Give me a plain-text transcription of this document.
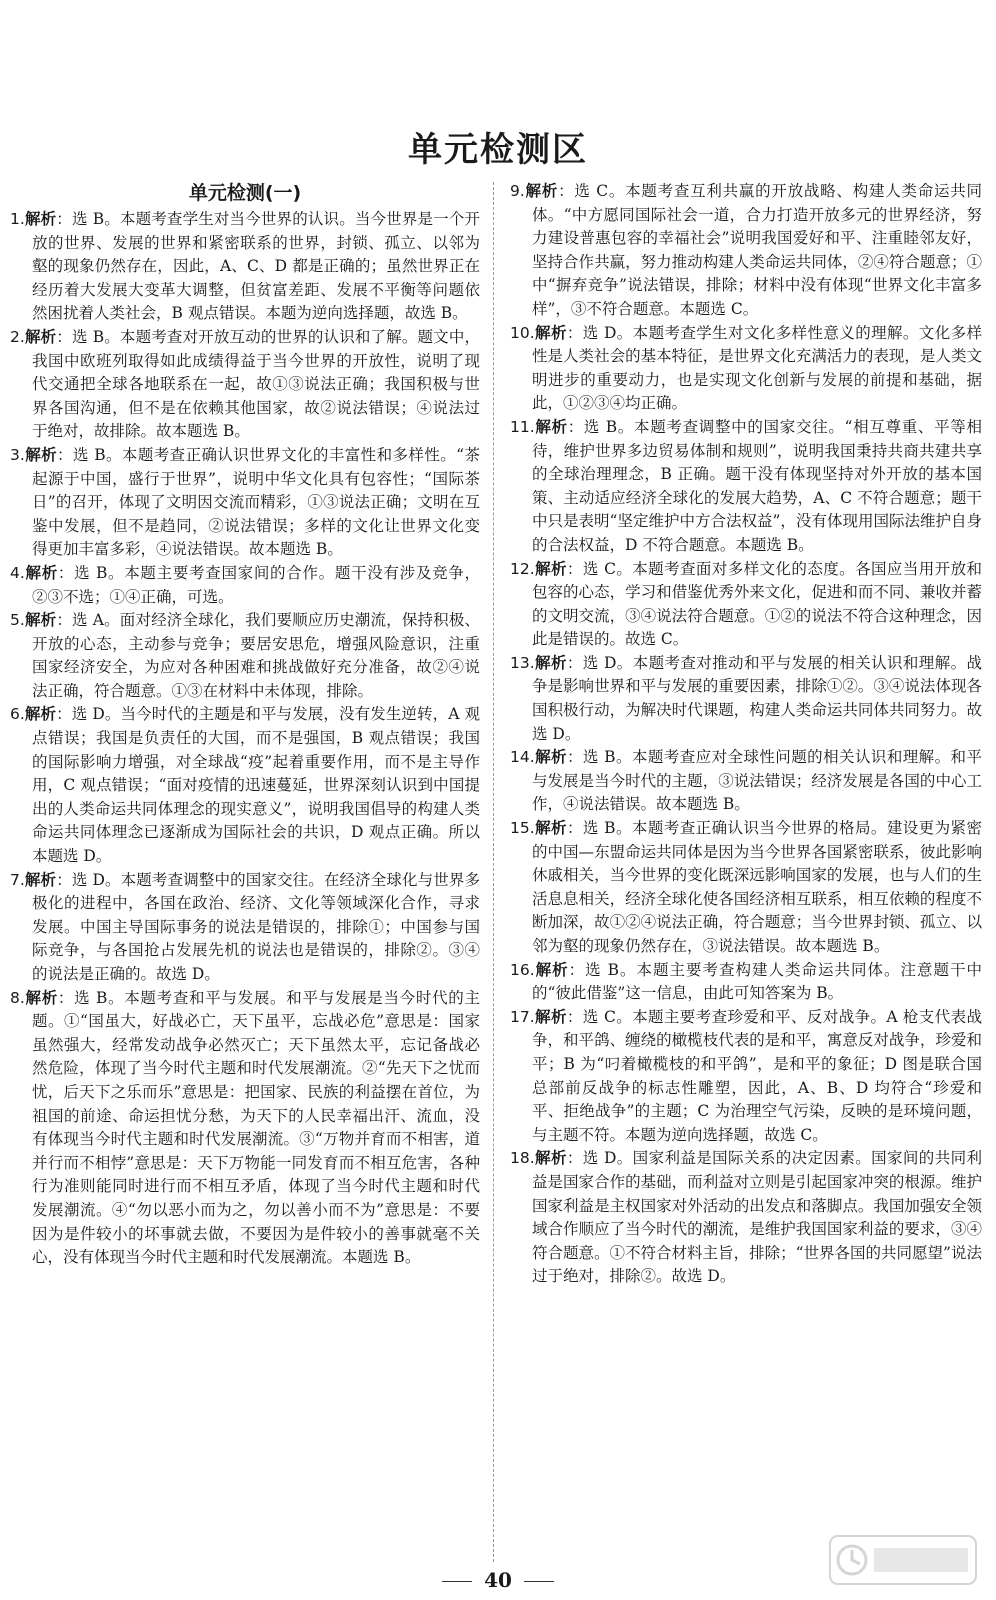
单元检测区
单元检测(一)

1.解析：选 B。本题考查学生对当今世界的认识。当今世界是一个开放的世界、发展的世界和紧密联系的世界，封锁、孤立、以邻为壑的现象仍然存在，因此，A、C、D 都是正确的；虽然世界正在经历着大发展大变革大调整，但贫富差距、发展不平衡等问题依然困扰着人类社会，B 观点错误。本题为逆向选择题，故选 B。

2.解析：选 B。本题考查对开放互动的世界的认识和了解。题文中，我国中欧班列取得如此成绩得益于当今世界的开放性，说明了现代交通把全球各地联系在一起，故①③说法正确；我国积极与世界各国沟通，但不是在依赖其他国家，故②说法错误；④说法过于绝对，故排除。故本题选 B。

3.解析：选 B。本题考查正确认识世界文化的丰富性和多样性。“茶起源于中国，盛行于世界”，说明中华文化具有包容性；“国际茶日”的召开，体现了文明因交流而精彩，①③说法正确；文明在互鉴中发展，但不是趋同，②说法错误；多样的文化让世界文化变得更加丰富多彩，④说法错误。故本题选 B。

4.解析：选 B。本题主要考查国家间的合作。题干没有涉及竞争，②③不选；①④正确，可选。

5.解析：选 A。面对经济全球化，我们要顺应历史潮流，保持积极、开放的心态，主动参与竞争；要居安思危，增强风险意识，注重国家经济安全，为应对各种困难和挑战做好充分准备，故②④说法正确，符合题意。①③在材料中未体现，排除。

6.解析：选 D。当今时代的主题是和平与发展，没有发生逆转，A 观点错误；我国是负责任的大国，而不是强国，B 观点错误；我国的国际影响力增强，对全球战“疫”起着重要作用，而不是主导作用，C 观点错误；“面对疫情的迅速蔓延，世界深刻认识到中国提出的人类命运共同体理念的现实意义”，说明我国倡导的构建人类命运共同体理念已逐渐成为国际社会的共识，D 观点正确。所以本题选 D。

7.解析：选 D。本题考查调整中的国家交往。在经济全球化与世界多极化的进程中，各国在政治、经济、文化等领域深化合作，寻求发展。中国主导国际事务的说法是错误的，排除①；中国参与国际竞争，与各国抢占发展先机的说法也是错误的，排除②。③④的说法是正确的。故选 D。

8.解析：选 B。本题考查和平与发展。和平与发展是当今时代的主题。①“国虽大，好战必亡，天下虽平，忘战必危”意思是：国家虽然强大，经常发动战争必然灭亡；天下虽然太平，忘记备战必然危险，体现了当今时代主题和时代发展潮流。②“先天下之忧而忧，后天下之乐而乐”意思是：把国家、民族的利益摆在首位，为祖国的前途、命运担忧分愁，为天下的人民幸福出汗、流血，没有体现当今时代主题和时代发展潮流。③“万物并育而不相害，道并行而不相悖”意思是：天下万物能一同发育而不相互危害，各种行为准则能同时进行而不相互矛盾，体现了当今时代主题和时代发展潮流。④“勿以恶小而为之，勿以善小而不为”意思是：不要因为是件较小的坏事就去做，不要因为是件较小的善事就毫不关心，没有体现当今时代主题和时代发展潮流。本题选 B。

9.解析：选 C。本题考查互利共赢的开放战略、构建人类命运共同体。“中方愿同国际社会一道，合力打造开放多元的世界经济，努力建设普惠包容的幸福社会”说明我国爱好和平、注重睦邻友好，坚持合作共赢，努力推动构建人类命运共同体，②④符合题意；①中“摒弃竞争”说法错误，排除；材料中没有体现“世界文化丰富多样”，③不符合题意。本题选 C。

10.解析：选 D。本题考查学生对文化多样性意义的理解。文化多样性是人类社会的基本特征，是世界文化充满活力的表现，是人类文明进步的重要动力，也是实现文化创新与发展的前提和基础，据此，①②③④均正确。

11.解析：选 B。本题考查调整中的国家交往。“相互尊重、平等相待，维护世界多边贸易体制和规则”，说明我国秉持共商共建共享的全球治理理念，B 正确。题干没有体现坚持对外开放的基本国策、主动适应经济全球化的发展大趋势，A、C 不符合题意；题干中只是表明“坚定维护中方合法权益”，没有体现用国际法维护自身的合法权益，D 不符合题意。本题选 B。

12.解析：选 C。本题考查面对多样文化的态度。各国应当用开放和包容的心态，学习和借鉴优秀外来文化，促进和而不同、兼收并蓄的文明交流，③④说法符合题意。①②的说法不符合这种理念，因此是错误的。故选 C。

13.解析：选 D。本题考查对推动和平与发展的相关认识和理解。战争是影响世界和平与发展的重要因素，排除①②。③④说法体现各国积极行动，为解决时代课题，构建人类命运共同体共同努力。故选 D。

14.解析：选 B。本题考查应对全球性问题的相关认识和理解。和平与发展是当今时代的主题，③说法错误；经济发展是各国的中心工作，④说法错误。故本题选 B。

15.解析：选 B。本题考查正确认识当今世界的格局。建设更为紧密的中国—东盟命运共同体是因为当今世界各国紧密联系，彼此影响休戚相关，当今世界的变化既深远影响国家的发展，也与人们的生活息息相关，经济全球化使各国经济相互联系，相互依赖的程度不断加深，故①②④说法正确，符合题意；当今世界封锁、孤立、以邻为壑的现象仍然存在，③说法错误。故本题选 B。

16.解析：选 B。本题主要考查构建人类命运共同体。注意题干中的“彼此借鉴”这一信息，由此可知答案为 B。

17.解析：选 C。本题主要考查珍爱和平、反对战争。A 枪支代表战争，和平鸽、缠绕的橄榄枝代表的是和平，寓意反对战争，珍爱和平；B 为“叼着橄榄枝的和平鸽”，是和平的象征；D 图是联合国总部前反战争的标志性雕塑，因此，A、B、D 均符合“珍爱和平、拒绝战争”的主题；C 为治理空气污染，反映的是环境问题，与主题不符。本题为逆向选择题，故选 C。

18.解析：选 D。国家利益是国际关系的决定因素。国家间的共同利益是国家合作的基础，而利益对立则是引起国家冲突的根源。维护国家利益是主权国家对外活动的出发点和落脚点。我国加强安全领域合作顺应了当今时代的潮流，是维护我国国家利益的要求，③④符合题意。①不符合材料主旨，排除；“世界各国的共同愿望”说法过于绝对，排除②。故选 D。

40
